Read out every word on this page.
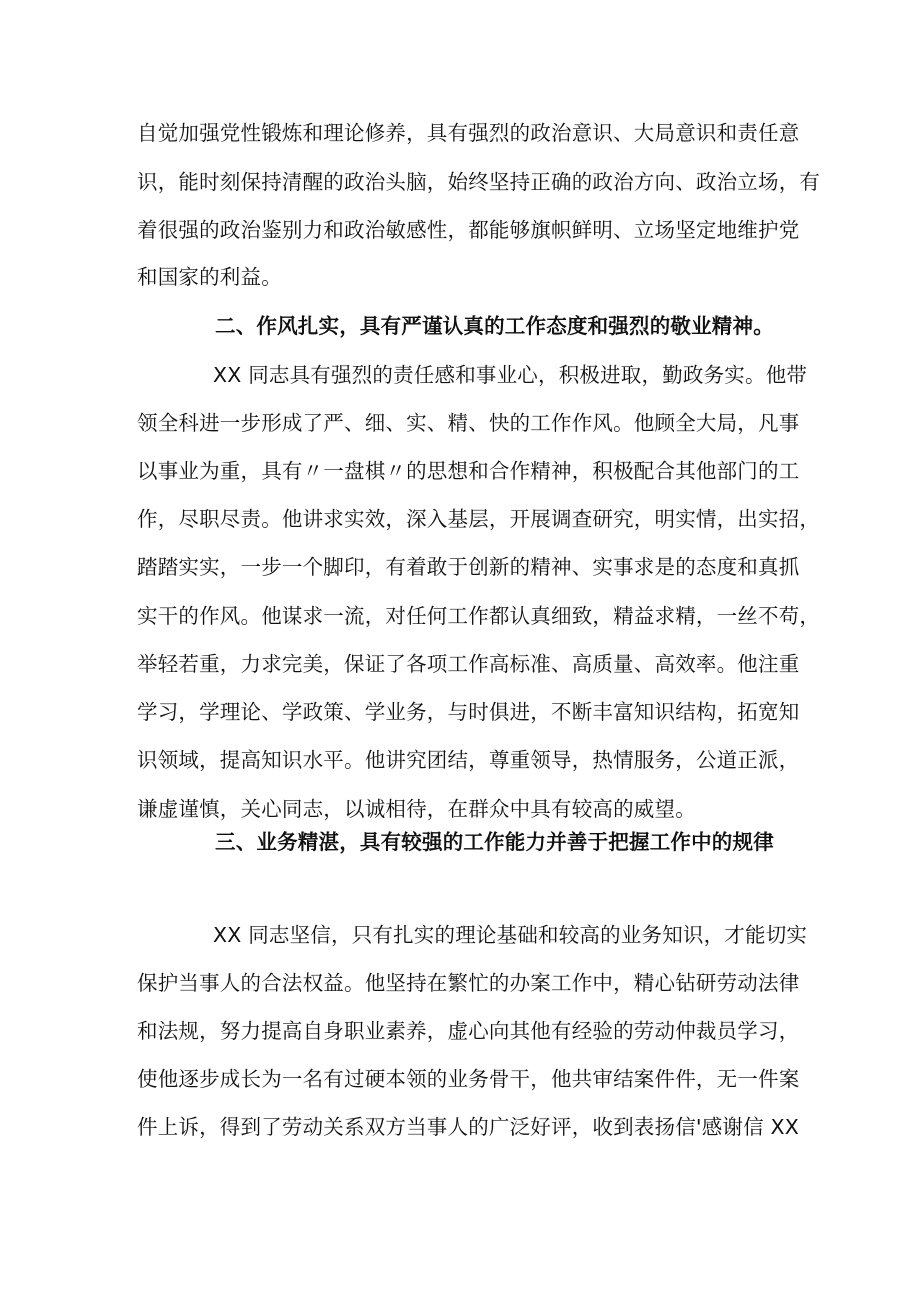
自觉加强党性锻炼和理论修养，具有强烈的政治意识、大局意识和责任意
识，能时刻保持清醒的政治头脑，始终坚持正确的政治方向、政治立场，有
着很强的政治鉴别力和政治敏感性，都能够旗帜鲜明、立场坚定地维护党
和国家的利益。
二、作风扎实，具有严谨认真的工作态度和强烈的敬业精神。
XX 同志具有强烈的责任感和事业心，积极进取，勤政务实。他带
领全科进一步形成了严、细、实、精、快的工作作风。他顾全大局，凡事
以事业为重，具有〃一盘棋〃的思想和合作精神，积极配合其他部门的工
作，尽职尽责。他讲求实效，深入基层，开展调查研究，明实情，出实招，
踏踏实实，一步一个脚印，有着敢于创新的精神、实事求是的态度和真抓
实干的作风。他谋求一流，对任何工作都认真细致，精益求精，一丝不苟，
举轻若重，力求完美，保证了各项工作高标准、高质量、高效率。他注重
学习，学理论、学政策、学业务，与时俱进，不断丰富知识结构，拓宽知
识领域，提高知识水平。他讲究团结，尊重领导，热情服务，公道正派，
谦虚谨慎，关心同志，以诚相待，在群众中具有较高的威望。
三、业务精湛，具有较强的工作能力并善于把握工作中的规律
XX 同志坚信，只有扎实的理论基础和较高的业务知识，才能切实
保护当事人的合法权益。他坚持在繁忙的办案工作中，精心钻研劳动法律
和法规，努力提高自身职业素养，虚心向其他有经验的劳动仲裁员学习，
使他逐步成长为一名有过硬本领的业务骨干，他共审结案件件，无一件案
件上诉，得到了劳动关系双方当事人的广泛好评，收到表扬信'感谢信 XX
